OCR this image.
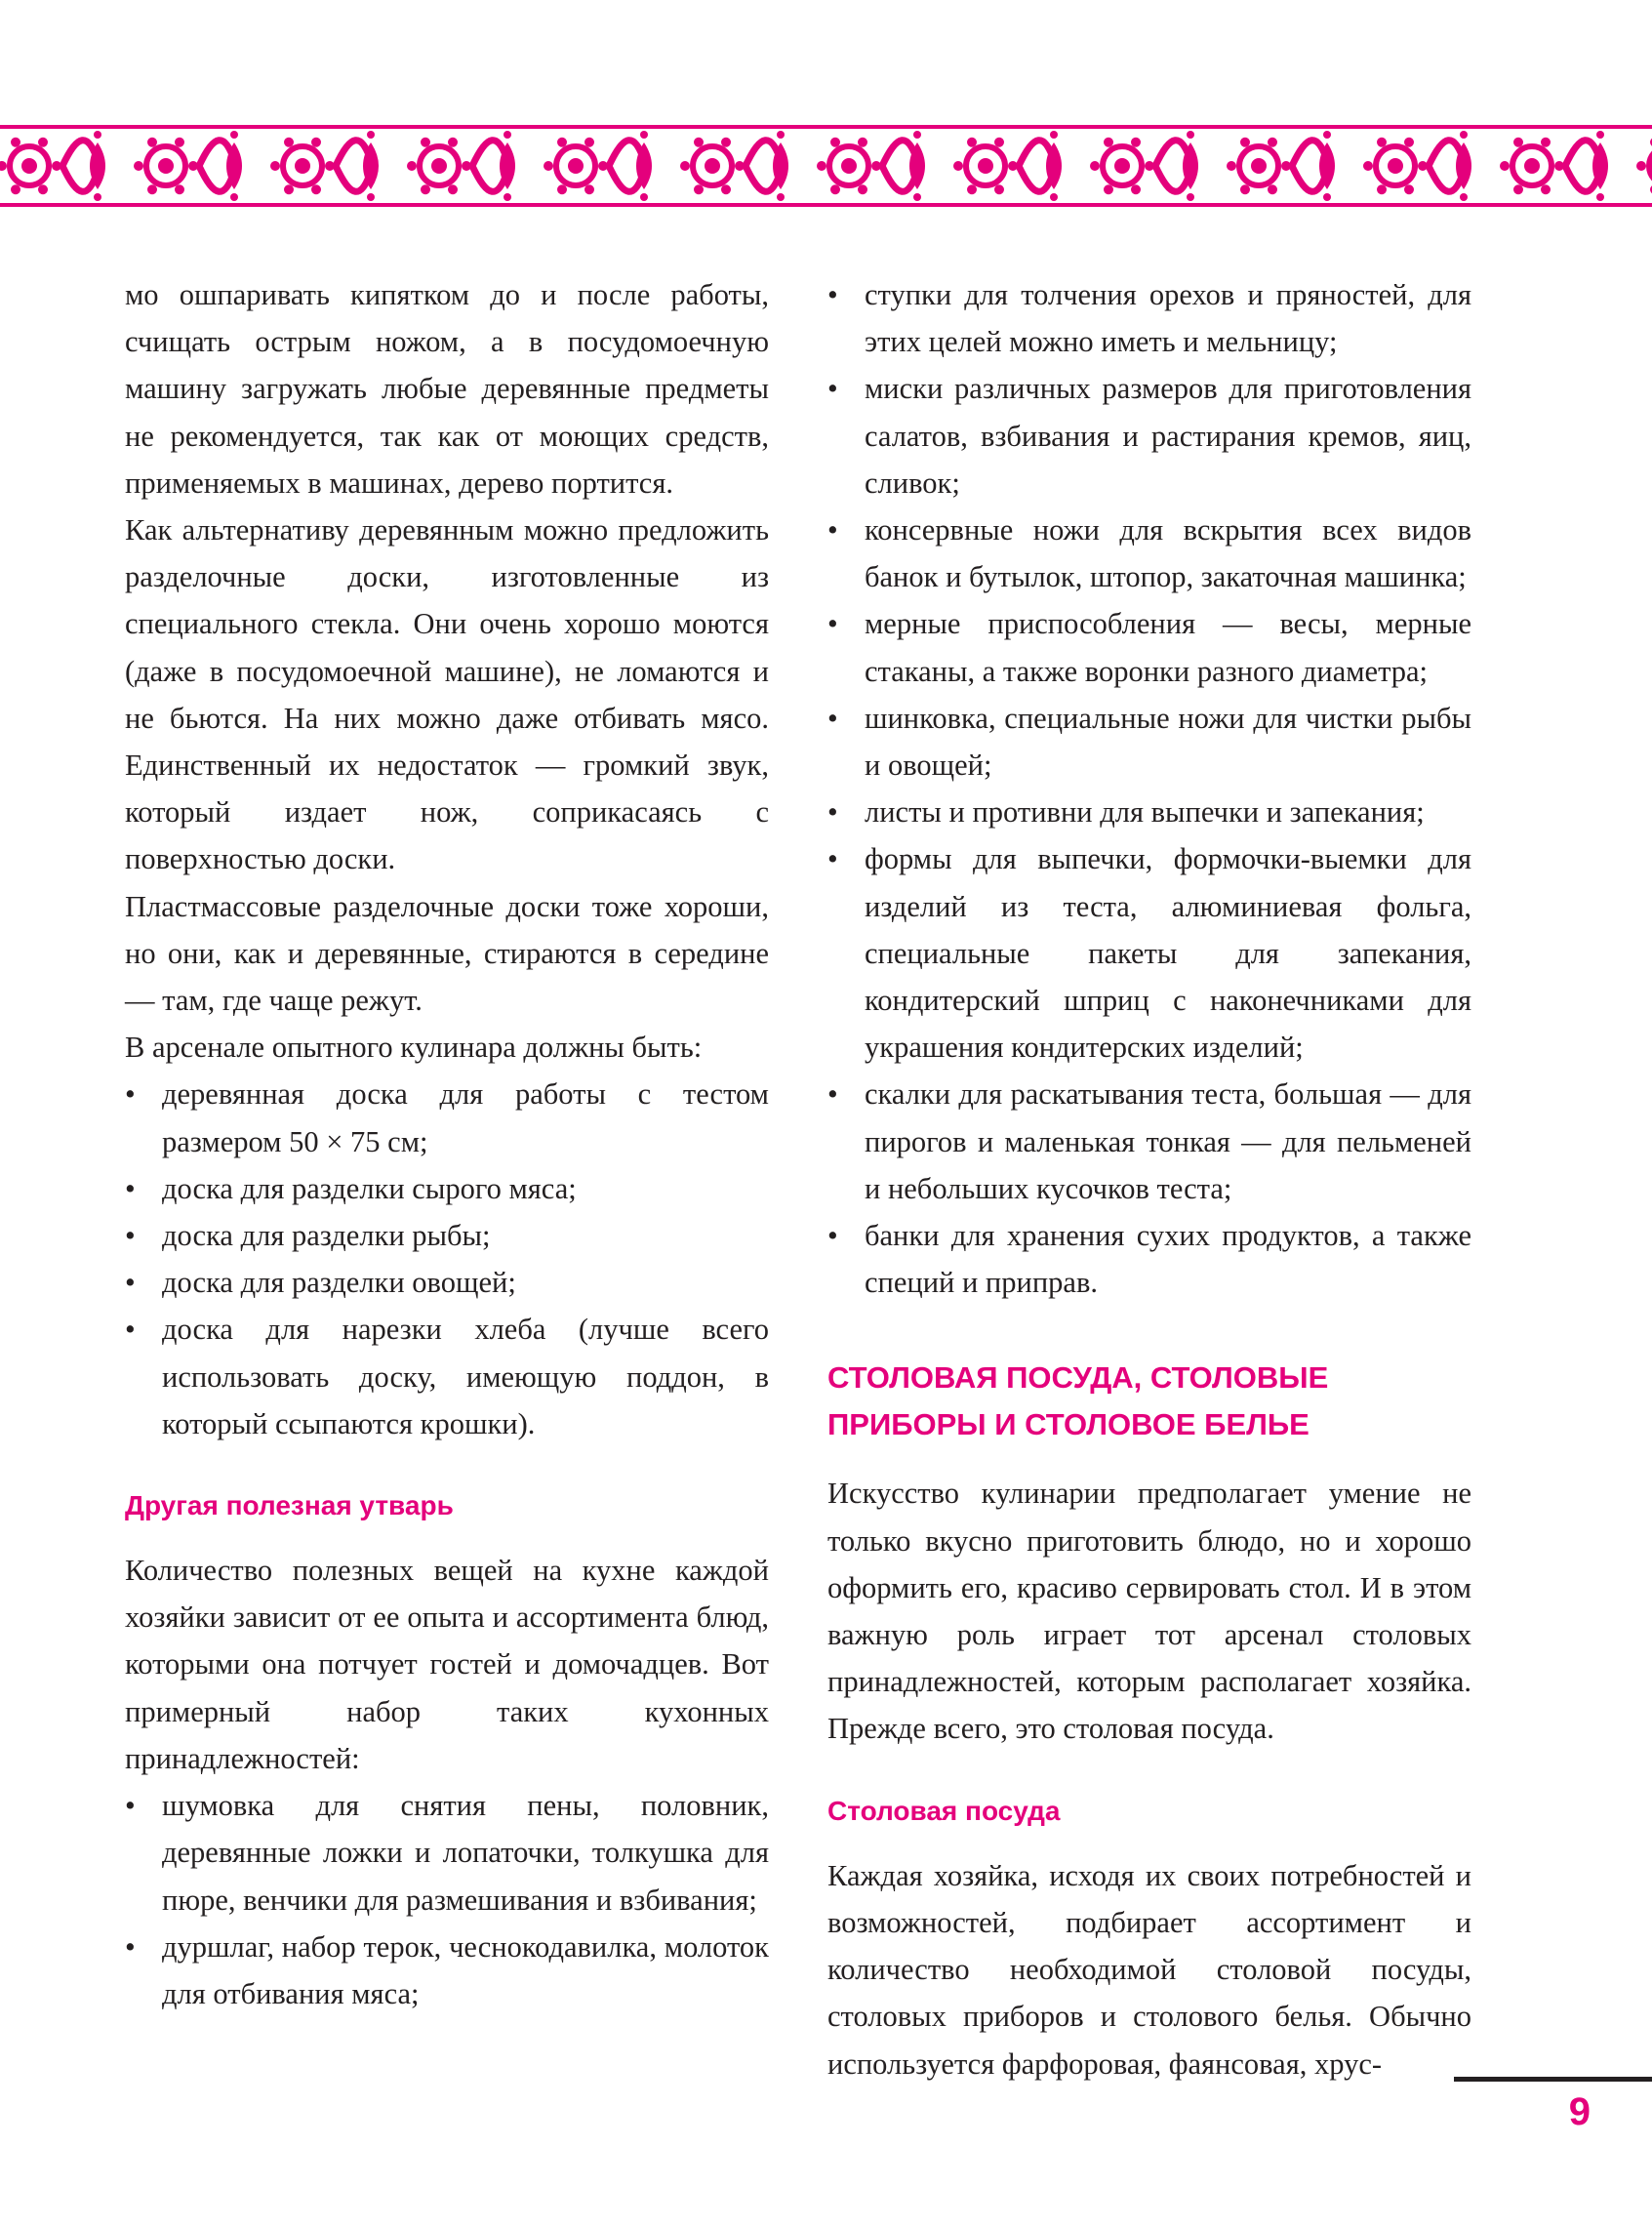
мо ошпаривать кипятком до и после работы, счищать острым ножом, а в посудомоечную машину загружать любые деревянные предметы не рекомендуется, так как от моющих средств, применяемых в машинах, дерево портится.

Как альтернативу деревянным можно предложить разделочные доски, изготовленные из специального стекла. Они очень хорошо моются (даже в посудомоечной машине), не ломаются и не бьются. На них можно даже отбивать мясо. Единственный их недостаток — громкий звук, который издает нож, соприкасаясь с поверхностью доски.

Пластмассовые разделочные доски тоже хороши, но они, как и деревянные, стираются в середине — там, где чаще режут.

В арсенале опытного кулинара должны быть:

• деревянная доска для работы с тестом размером 50 × 75 см;
• доска для разделки сырого мяса;
• доска для разделки рыбы;
• доска для разделки овощей;
• доска для нарезки хлеба (лучше всего использовать доску, имеющую поддон, в который ссыпаются крошки).
Другая полезная утварь

Количество полезных вещей на кухне каждой хозяйки зависит от ее опыта и ассортимента блюд, которыми она потчует гостей и домочадцев. Вот примерный набор таких кухонных принадлежностей:

• шумовка для снятия пены, половник, деревянные ложки и лопаточки, толкушка для пюре, венчики для размешивания и взбивания;
• дуршлаг, набор терок, чеснокодавилка, молоток для отбивания мяса;
• ступки для толчения орехов и пряностей, для этих целей можно иметь и мельницу;
• миски различных размеров для приготовления салатов, взбивания и растирания кремов, яиц, сливок;
• консервные ножи для вскрытия всех видов банок и бутылок, штопор, закаточная машинка;
• мерные приспособления — весы, мерные стаканы, а также воронки разного диаметра;
• шинковка, специальные ножи для чистки рыбы и овощей;
• листы и противни для выпечки и запекания;
• формы для выпечки, формочки-выемки для изделий из теста, алюминиевая фольга, специальные пакеты для запекания, кондитерский шприц с наконечниками для украшения кондитерских изделий;
• скалки для раскатывания теста, большая — для пирогов и маленькая тонкая — для пельменей и небольших кусочков теста;
• банки для хранения сухих продуктов, а также специй и приправ.
СТОЛОВАЯ ПОСУДА, СТОЛОВЫЕ
ПРИБОРЫ И СТОЛОВОЕ БЕЛЬЕ

Искусство кулинарии предполагает умение не только вкусно приготовить блюдо, но и хорошо оформить его, красиво сервировать стол. И в этом важную роль играет тот арсенал столовых принадлежностей, которым располагает хозяйка. Прежде всего, это столовая посуда.

Столовая посуда

Каждая хозяйка, исходя их своих потребностей и возможностей, подбирает ассортимент и количество необходимой столовой посуды, столовых приборов и столового белья. Обычно используется фарфоровая, фаянсовая, хрус-

9
